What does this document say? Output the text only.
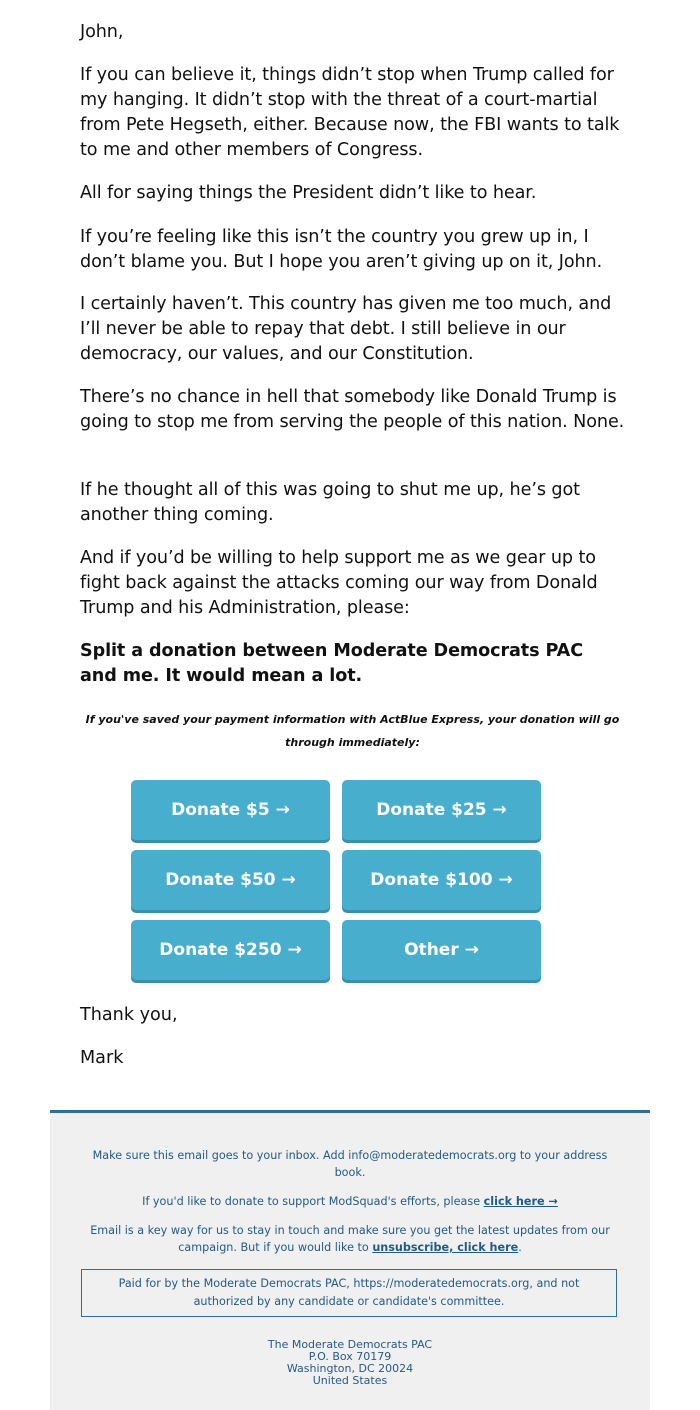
John,

If you can believe it, things didn’t stop when Trump called for my hanging. It didn’t stop with the threat of a court-martial from Pete Hegseth, either. Because now, the FBI wants to talk to me and other members of Congress.

All for saying things the President didn’t like to hear.

If you’re feeling like this isn’t the country you grew up in, I don’t blame you. But I hope you aren’t giving up on it, John.

I certainly haven’t. This country has given me too much, and I’ll never be able to repay that debt. I still believe in our democracy, our values, and our Constitution.

There’s no chance in hell that somebody like Donald Trump is going to stop me from serving the people of this nation. None.

If he thought all of this was going to shut me up, he’s got another thing coming.

And if you’d be willing to help support me as we gear up to fight back against the attacks coming our way from Donald Trump and his Administration, please:

Split a donation between Moderate Democrats PAC and me. It would mean a lot.

If you've saved your payment information with ActBlue Express, your donation will go through immediately:
Donate $5 →	Donate $25 →
Donate $50 →	Donate $100 →
Donate $250 →	Other →
Thank you,
Mark
Make sure this email goes to your inbox. Add info@moderatedemocrats.org to your address book.
If you'd like to donate to support ModSquad's efforts, please click here →
Email is a key way for us to stay in touch and make sure you get the latest updates from our campaign. But if you would like to unsubscribe, click here.
Paid for by the Moderate Democrats PAC, https://moderatedemocrats.org, and not authorized by any candidate or candidate's committee.
The Moderate Democrats PAC
P.O. Box 70179
Washington, DC 20024
United States
